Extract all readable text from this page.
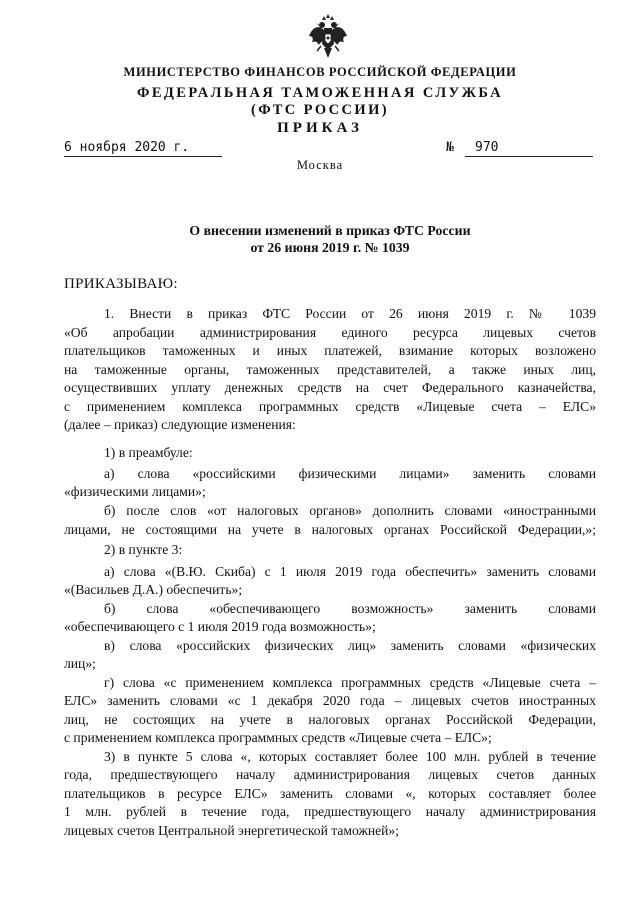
МИНИСТЕРСТВО ФИНАНСОВ РОССИЙСКОЙ ФЕДЕРАЦИИ
ФЕДЕРАЛЬНАЯ ТАМОЖЕННАЯ СЛУЖБА
(ФТС РОССИИ)
ПРИКАЗ
6 ноября 2020 г.	№	970
Москва
О внесении изменений в приказ ФТС России
от 26 июня 2019 г. № 1039
ПРИКАЗЫВАЮ:
1. Внести в приказ ФТС России от 26 июня 2019 г. № 1039
«Об апробации администрирования единого ресурса лицевых счетов
плательщиков таможенных и иных платежей, взимание которых возложено
на таможенные органы, таможенных представителей, а также иных лиц,
осуществивших уплату денежных средств на счет Федерального казначейства,
с применением комплекса программных средств «Лицевые счета – ЕЛС»
(далее – приказ) следующие изменения:
1) в преамбуле:
а) слова «российскими физическими лицами» заменить словами
«физическими лицами»;
б) после слов «от налоговых органов» дополнить словами «иностранными
лицами, не состоящими на учете в налоговых органах Российской Федерации,»;
2) в пункте 3:
а) слова «(В.Ю. Скиба) с 1 июля 2019 года обеспечить» заменить словами
«(Васильев Д.А.) обеспечить»;
б) слова «обеспечивающего возможность» заменить словами
«обеспечивающего с 1 июля 2019 года возможность»;
в) слова «российских физических лиц» заменить словами «физических
лиц»;
г) слова «с применением комплекса программных средств «Лицевые счета –
ЕЛС» заменить словами «с 1 декабря 2020 года – лицевых счетов иностранных
лиц, не состоящих на учете в налоговых органах Российской Федерации,
с применением комплекса программных средств «Лицевые счета – ЕЛС»;
3) в пункте 5 слова «, которых составляет более 100 млн. рублей в течение
года, предшествующего началу администрирования лицевых счетов данных
плательщиков в ресурсе ЕЛС» заменить словами «, которых составляет более
1 млн. рублей в течение года, предшествующего началу администрирования
лицевых счетов Центральной энергетической таможней»;
